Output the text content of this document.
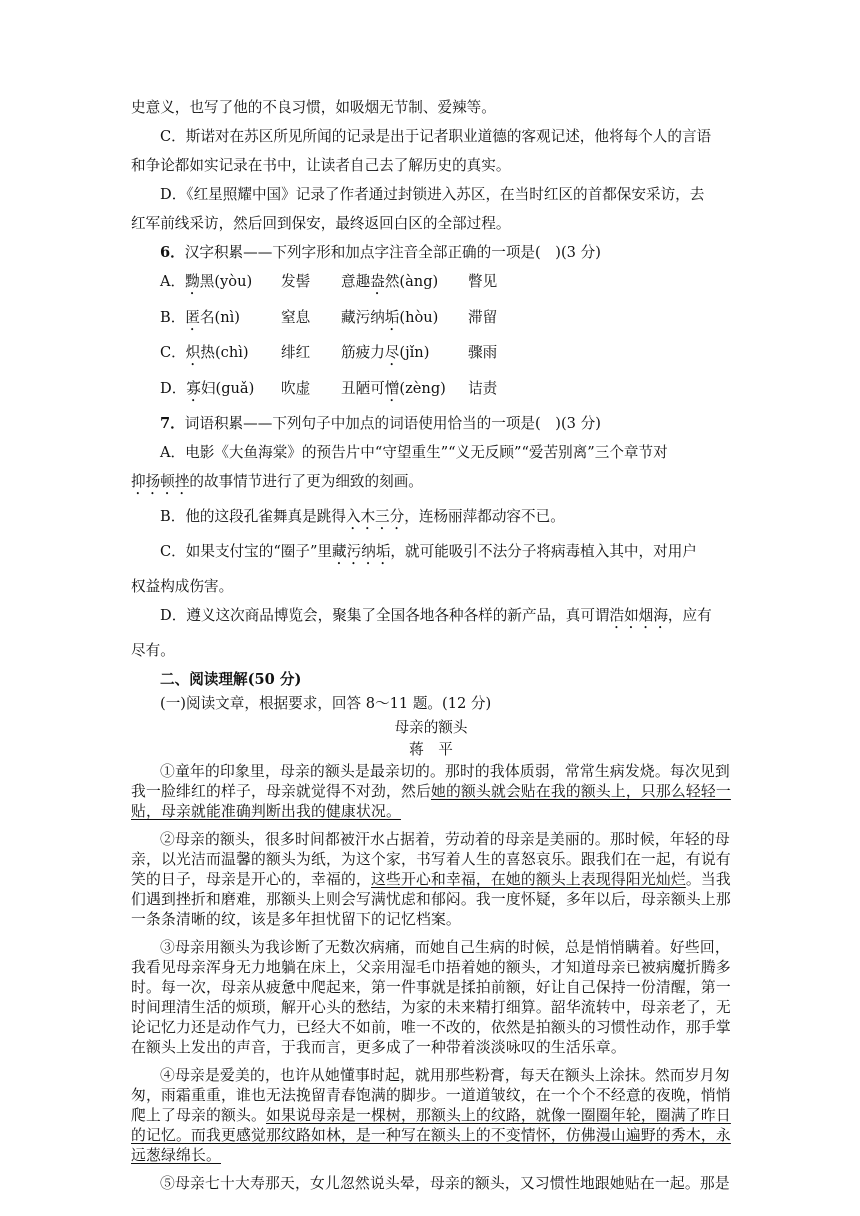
史意义，也写了他的不良习惯，如吸烟无节制、爱辣等。

C．斯诺对在苏区所见所闻的记录是出于记者职业道德的客观记述，他将每个人的言语

和争论都如实记录在书中，让读者自己去了解历史的真实。

D．《红星照耀中国》记录了作者通过封锁进入苏区，在当时红区的首都保安采访，去

红军前线采访，然后回到保安，最终返回白区的全部过程。

6．汉字积累——下列字形和加点字注音全部正确的一项是(　)(3 分)

A．黝黑(yòu)	发髻	意趣盎然(àng)	瞥见
B．匿名(nì)	窒息	藏污纳垢(hòu)	滞留
C．炽热(chì)	绯红	筋疲力尽(jǐn)	骤雨
D．寡妇(guǎ)	吹虚	丑陋可憎(zèng)	诘责

7．词语积累——下列句子中加点的词语使用恰当的一项是(　)(3 分)

A．电影《大鱼海棠》的预告片中“守望重生”“义无反顾”“爱苦别离”三个章节对

抑扬顿挫的故事情节进行了更为细致的刻画。

B．他的这段孔雀舞真是跳得入木三分，连杨丽萍都动容不已。

C．如果支付宝的“圈子”里藏污纳垢，就可能吸引不法分子将病毒植入其中，对用户

权益构成伤害。

D．遵义这次商品博览会，聚集了全国各地各种各样的新产品，真可谓浩如烟海，应有

尽有。

二、阅读理解(50 分)

(一)阅读文章，根据要求，回答 8～11 题。(12 分)

母亲的额头

蒋　平

①童年的印象里，母亲的额头是最亲切的。那时的我体质弱，常常生病发烧。每次见到我一脸绯红的样子，母亲就觉得不对劲，然后她的额头就会贴在我的额头上，只那么轻轻一贴，母亲就能准确判断出我的健康状况。

②母亲的额头，很多时间都被汗水占据着，劳动着的母亲是美丽的。那时候，年轻的母亲，以光洁而温馨的额头为纸，为这个家，书写着人生的喜怒哀乐。跟我们在一起，有说有笑的日子，母亲是开心的，幸福的，这些开心和幸福，在她的额头上表现得阳光灿烂。当我们遇到挫折和磨难，那额头上则会写满忧虑和郁闷。我一度怀疑，多年以后，母亲额头上那一条条清晰的纹，该是多年担忧留下的记忆档案。

③母亲用额头为我诊断了无数次病痛，而她自己生病的时候，总是悄悄瞒着。好些回，我看见母亲浑身无力地躺在床上，父亲用湿毛巾捂着她的额头，才知道母亲已被病魔折腾多时。每一次，母亲从疲惫中爬起来，第一件事就是揉拍前额，好让自己保持一份清醒，第一时间理清生活的烦琐，解开心头的愁结，为家的未来精打细算。韶华流转中，母亲老了，无论记忆力还是动作气力，已经大不如前，唯一不改的，依然是拍额头的习惯性动作，那手掌在额头上发出的声音，于我而言，更多成了一种带着淡淡咏叹的生活乐章。

④母亲是爱美的，也许从她懂事时起，就用那些粉膏，每天在额头上涂抹。然而岁月匆匆，雨霜重重，谁也无法挽留青春饱满的脚步。一道道皱纹，在一个个不经意的夜晚，悄悄爬上了母亲的额头。如果说母亲是一棵树，那额头上的纹路，就像一圈圈年轮，圈满了昨日的记忆。而我更感觉那纹路如林，是一种写在额头上的不变情怀，仿佛漫山遍野的秀木，永远葱绿绵长。

⑤母亲七十大寿那天，女儿忽然说头晕，母亲的额头，又习惯性地跟她贴在一起。那是
